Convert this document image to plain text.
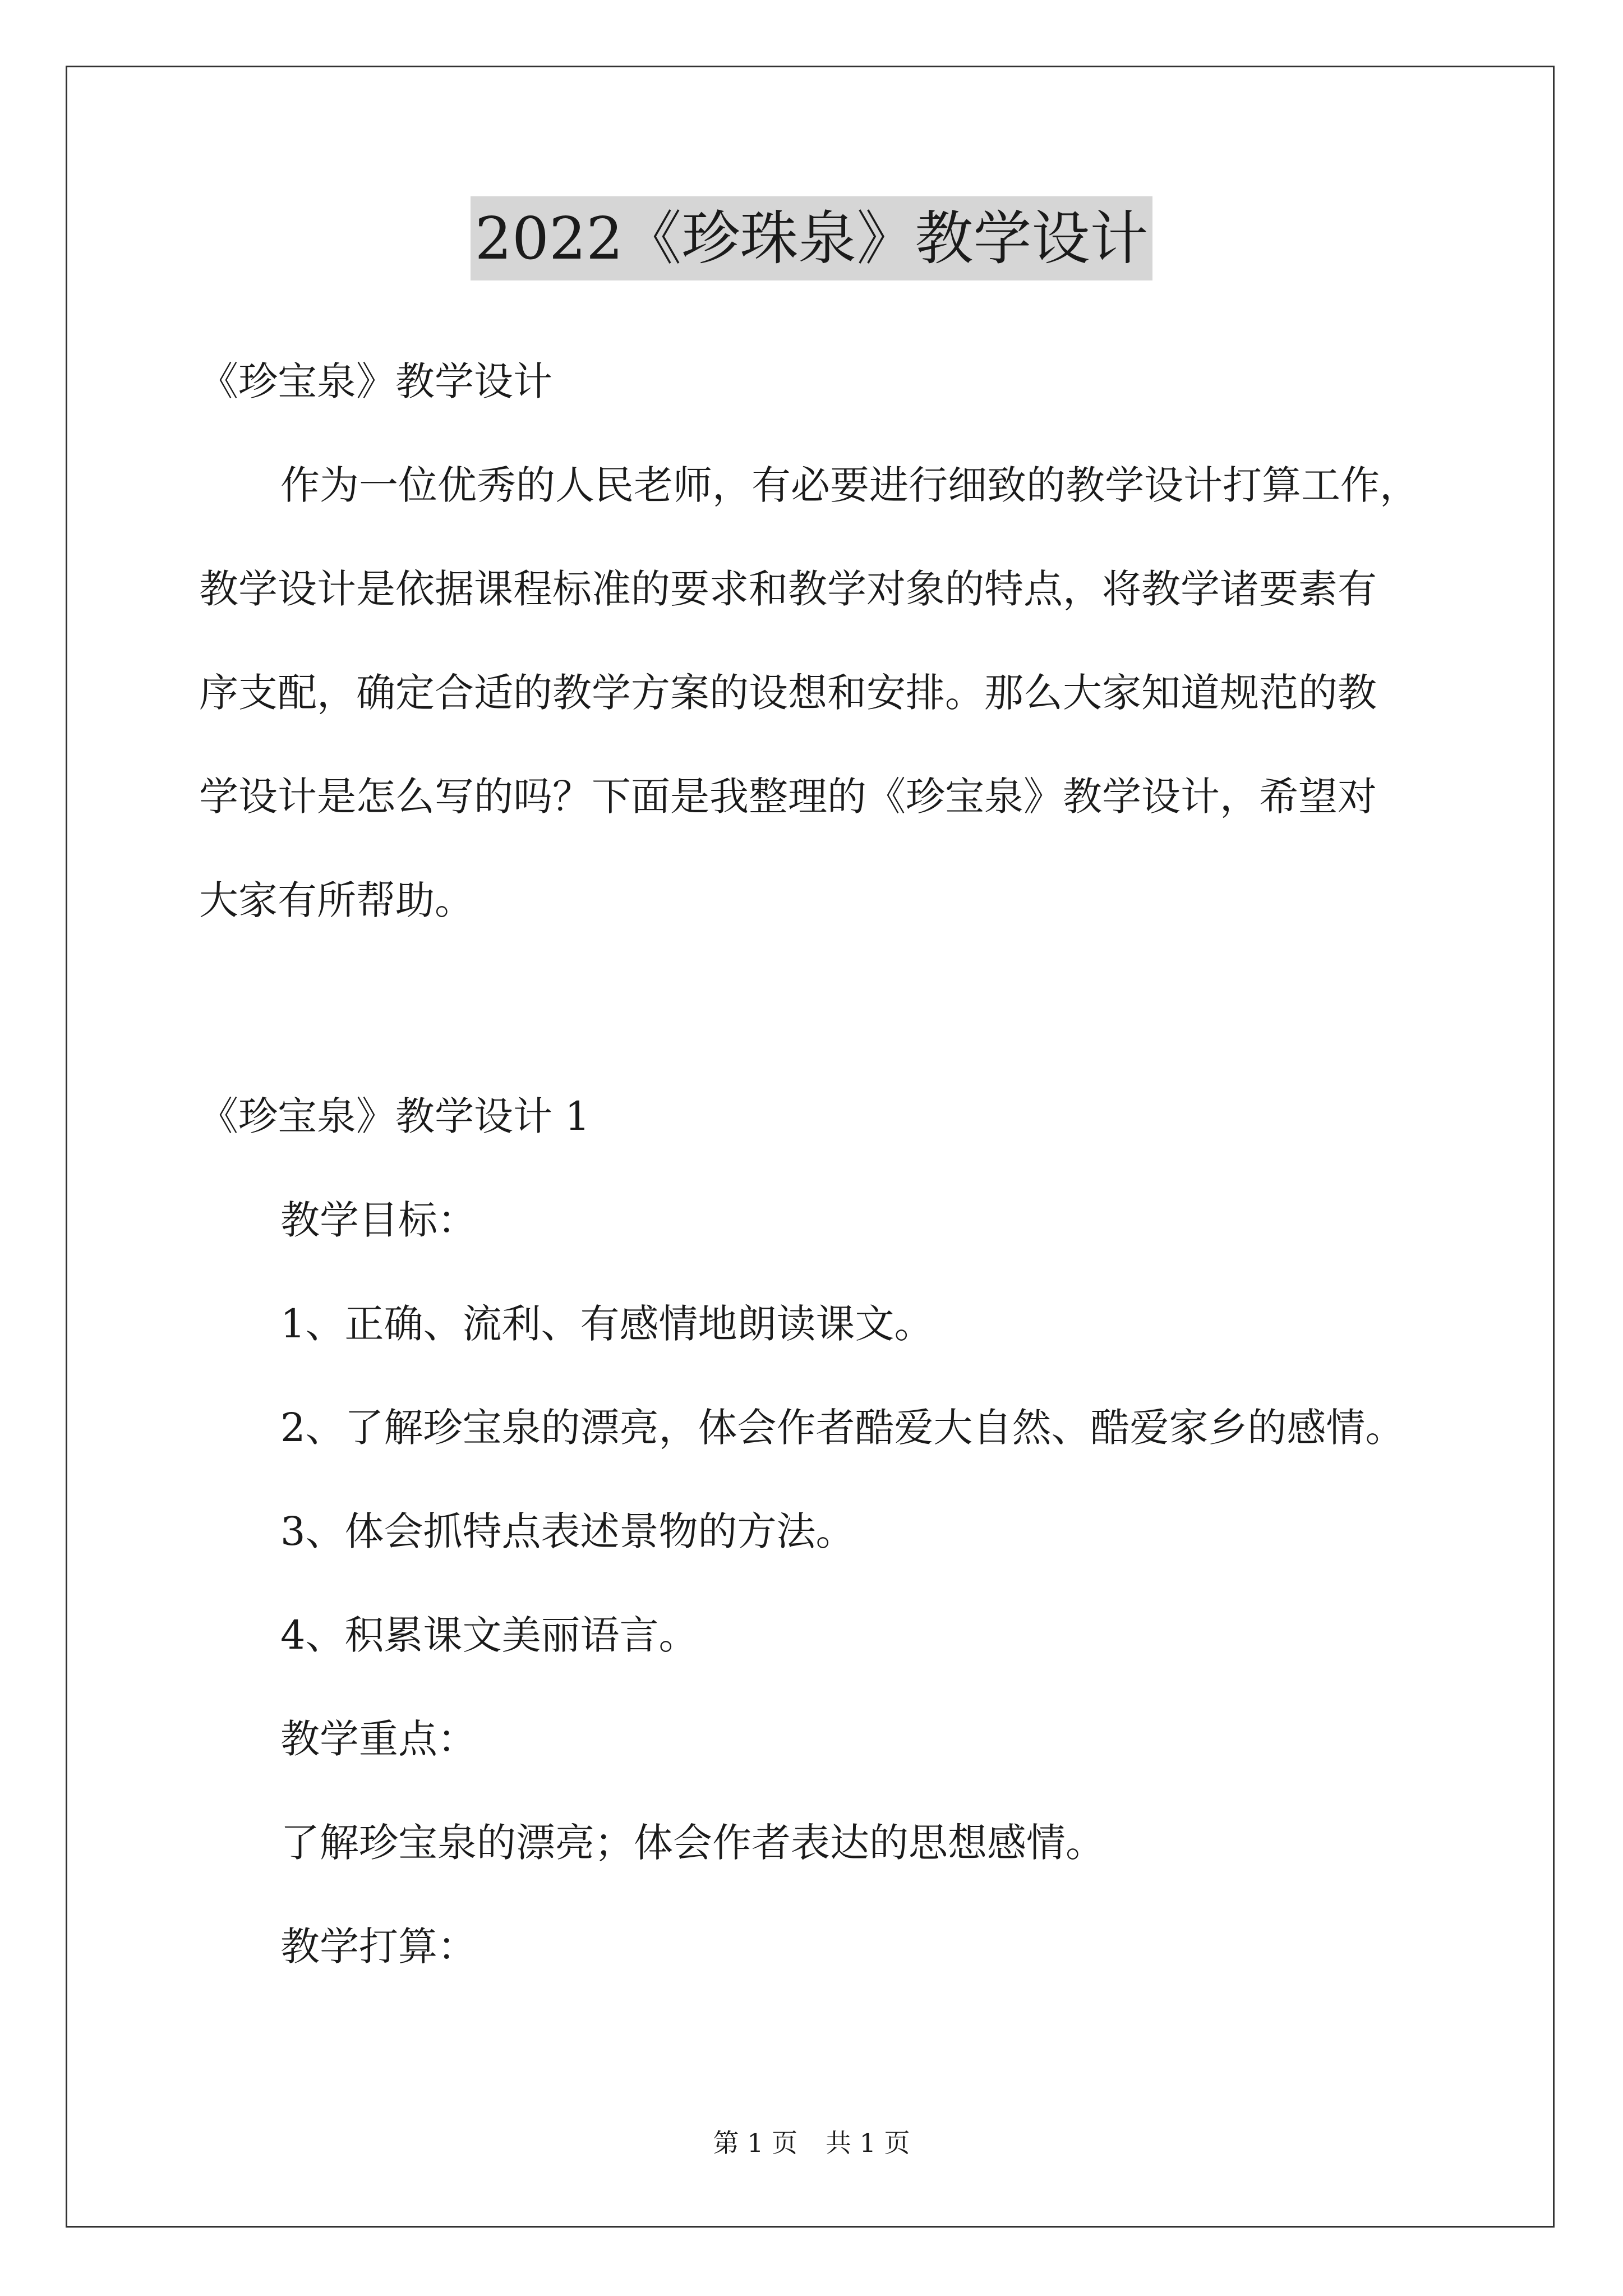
2022《珍珠泉》教学设计

《珍宝泉》教学设计

作为一位优秀的人民老师，有必要进行细致的教学设计打算工作，

教学设计是依据课程标准的要求和教学对象的特点，将教学诸要素有

序支配，确定合适的教学方案的设想和安排。那么大家知道规范的教

学设计是怎么写的吗？下面是我整理的《珍宝泉》教学设计，希望对

大家有所帮助。

《珍宝泉》教学设计 1

教学目标：

1、正确、流利、有感情地朗读课文。

2、了解珍宝泉的漂亮，体会作者酷爱大自然、酷爱家乡的感情。

3、体会抓特点表述景物的方法。

4、积累课文美丽语言。

教学重点：

了解珍宝泉的漂亮；体会作者表达的思想感情。

教学打算：

第 1 页 共 1 页
